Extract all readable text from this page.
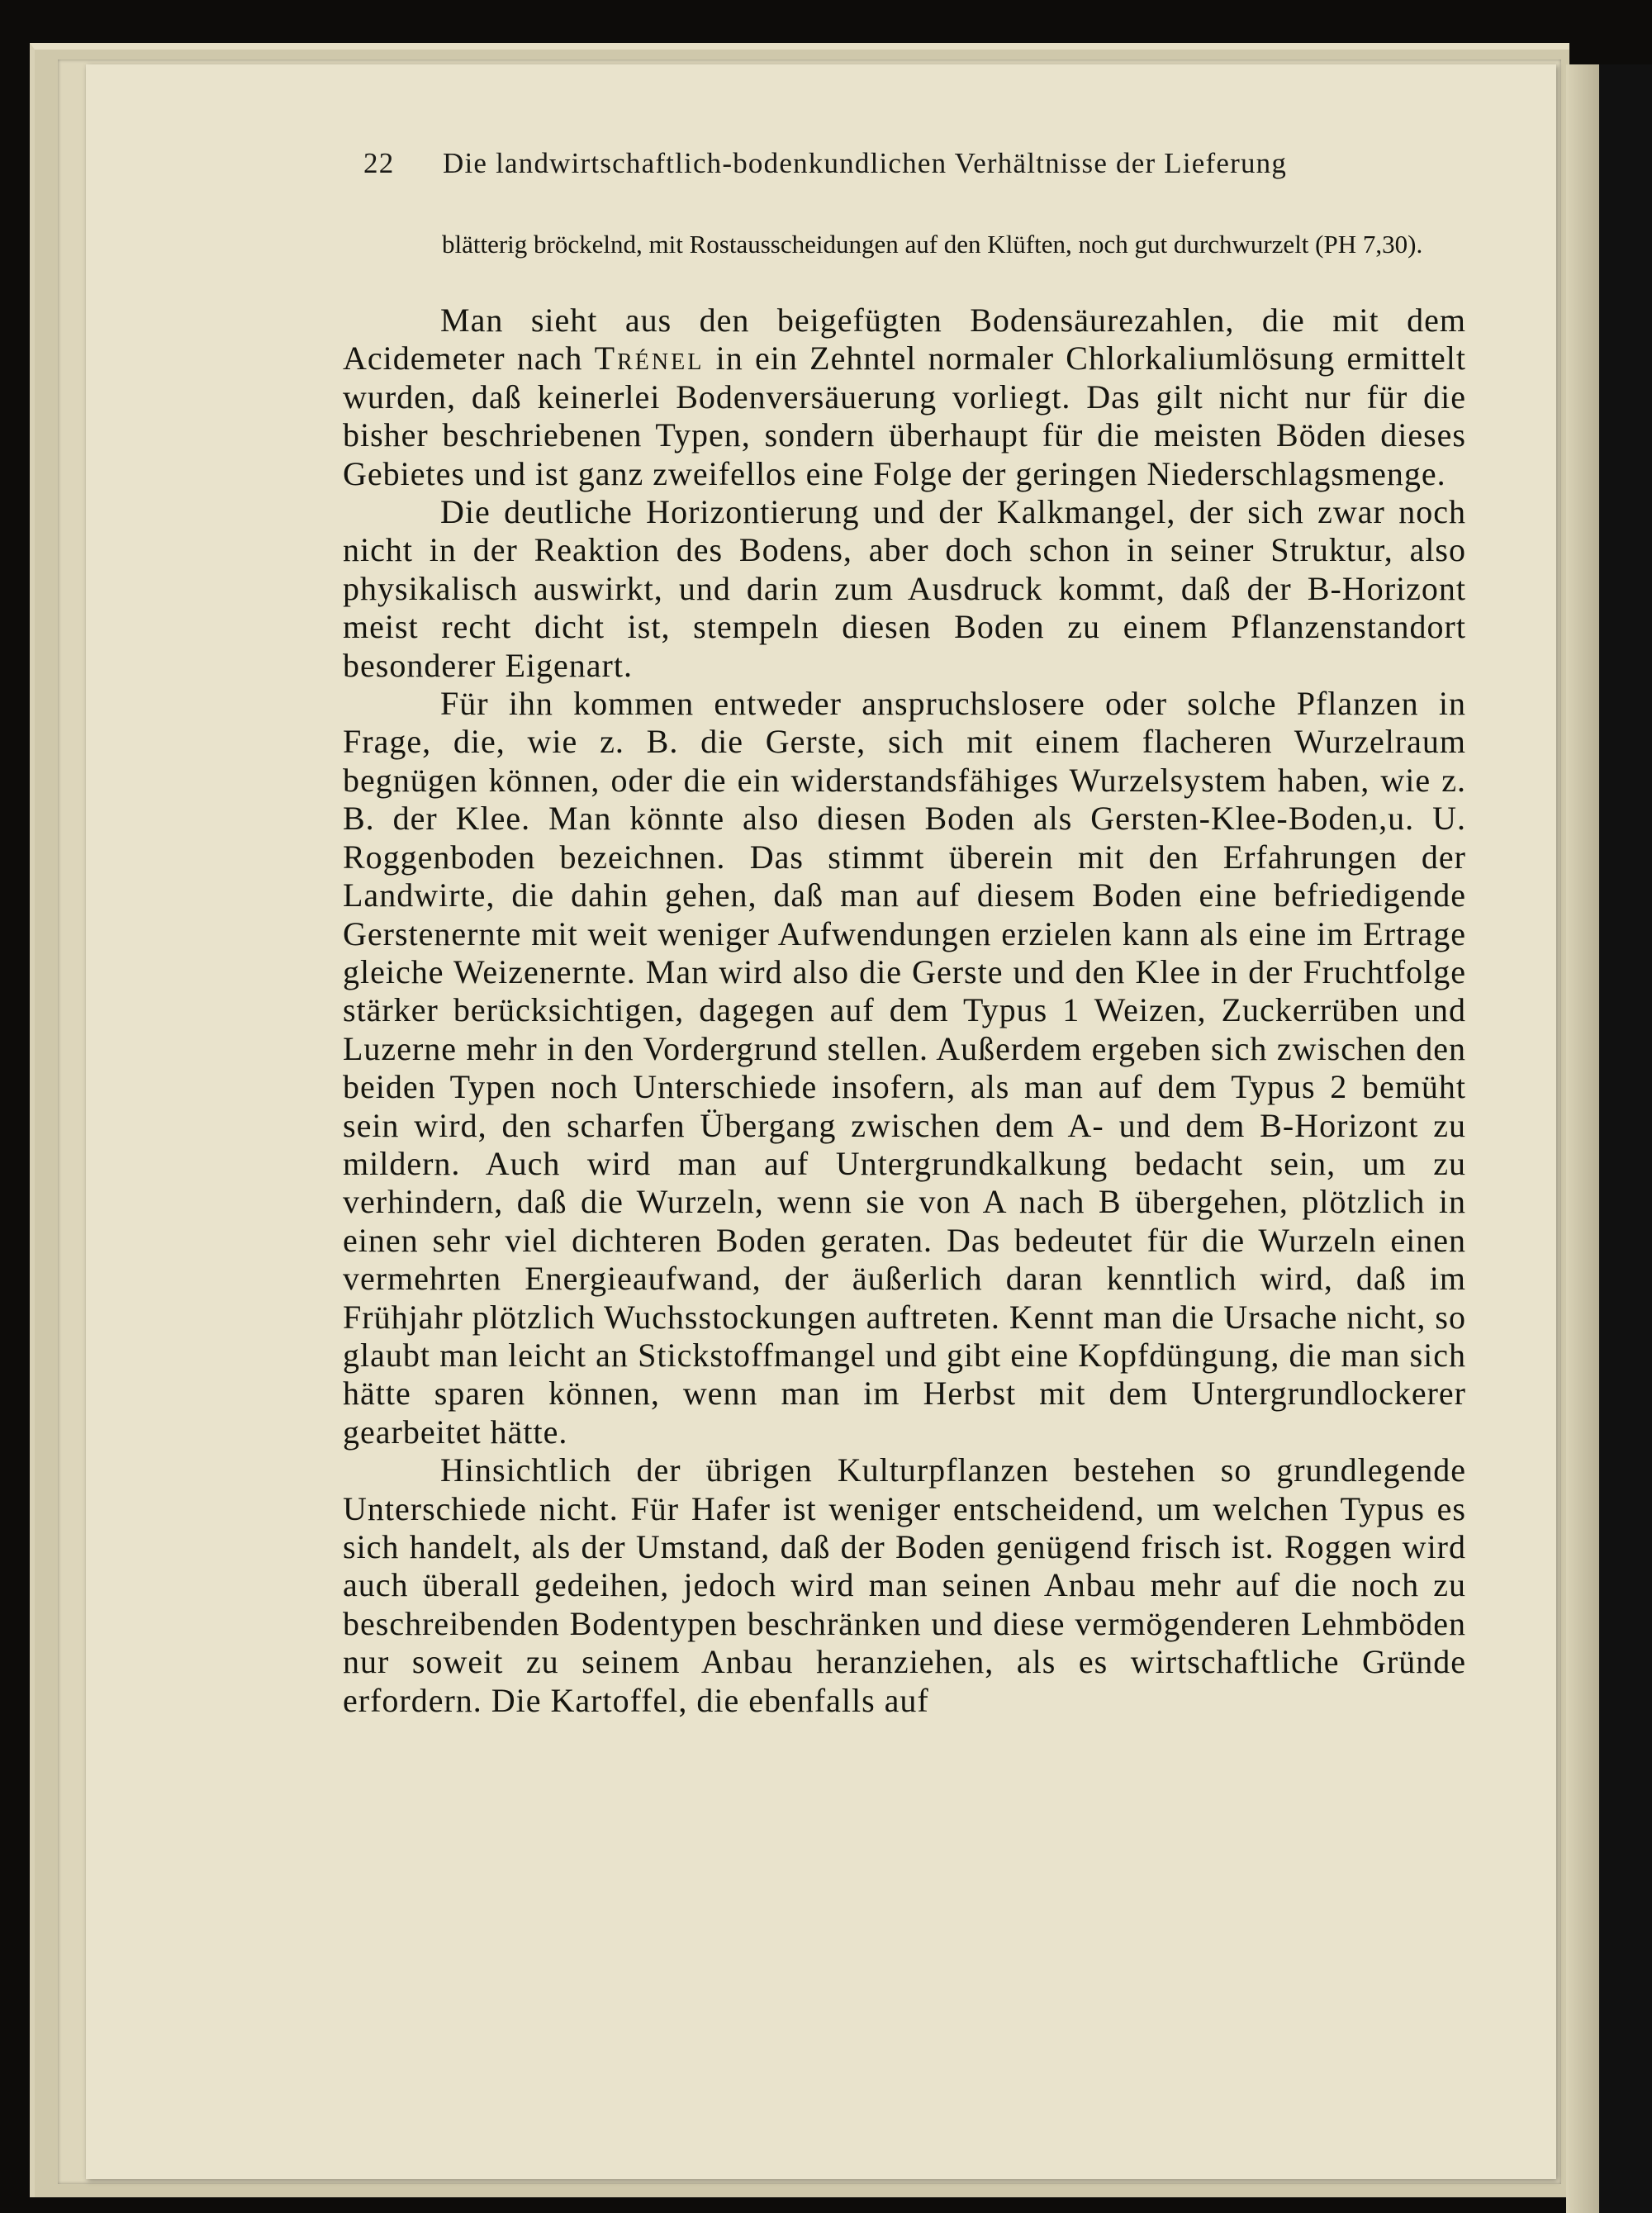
22 Die landwirtschaftlich-bodenkundlichen Verhältnisse der Lieferung

blätterig bröckelnd, mit Rostausscheidungen auf den Klüften, noch gut durchwurzelt (PH 7,30).

Man sieht aus den beigefügten Bodensäurezahlen, die mit dem Acidemeter nach Trénel in ein Zehntel normaler Chlorkaliumlösung ermittelt wurden, daß keinerlei Bodenversäuerung vorliegt. Das gilt nicht nur für die bisher beschriebenen Typen, sondern überhaupt für die meisten Böden dieses Gebietes und ist ganz zweifellos eine Folge der geringen Niederschlagsmenge.

Die deutliche Horizontierung und der Kalkmangel, der sich zwar noch nicht in der Reaktion des Bodens, aber doch schon in seiner Struktur, also physikalisch auswirkt, und darin zum Ausdruck kommt, daß der B-Horizont meist recht dicht ist, stempeln diesen Boden zu einem Pflanzenstandort besonderer Eigenart.

Für ihn kommen entweder anspruchslosere oder solche Pflanzen in Frage, die, wie z. B. die Gerste, sich mit einem flacheren Wurzelraum begnügen können, oder die ein widerstandsfähiges Wurzelsystem haben, wie z. B. der Klee. Man könnte also diesen Boden als Gersten-Klee-Boden,u. U. Roggenboden bezeichnen. Das stimmt überein mit den Erfahrungen der Landwirte, die dahin gehen, daß man auf diesem Boden eine befriedigende Gerstenernte mit weit weniger Aufwendungen erzielen kann als eine im Ertrage gleiche Weizenernte. Man wird also die Gerste und den Klee in der Fruchtfolge stärker berücksichtigen, dagegen auf dem Typus 1 Weizen, Zuckerrüben und Luzerne mehr in den Vordergrund stellen. Außerdem ergeben sich zwischen den beiden Typen noch Unterschiede insofern, als man auf dem Typus 2 bemüht sein wird, den scharfen Übergang zwischen dem A- und dem B-Horizont zu mildern. Auch wird man auf Untergrundkalkung bedacht sein, um zu verhindern, daß die Wurzeln, wenn sie von A nach B übergehen, plötzlich in einen sehr viel dichteren Boden geraten. Das bedeutet für die Wurzeln einen vermehrten Energieaufwand, der äußerlich daran kenntlich wird, daß im Frühjahr plötzlich Wuchsstockungen auftreten. Kennt man die Ursache nicht, so glaubt man leicht an Stickstoffmangel und gibt eine Kopfdüngung, die man sich hätte sparen können, wenn man im Herbst mit dem Untergrundlockerer gearbeitet hätte.

Hinsichtlich der übrigen Kulturpflanzen bestehen so grundlegende Unterschiede nicht. Für Hafer ist weniger entscheidend, um welchen Typus es sich handelt, als der Umstand, daß der Boden genügend frisch ist. Roggen wird auch überall gedeihen, jedoch wird man seinen Anbau mehr auf die noch zu beschreibenden Bodentypen beschränken und diese vermögenderen Lehmböden nur soweit zu seinem Anbau heranziehen, als es wirtschaftliche Gründe erfordern. Die Kartoffel, die ebenfalls auf
